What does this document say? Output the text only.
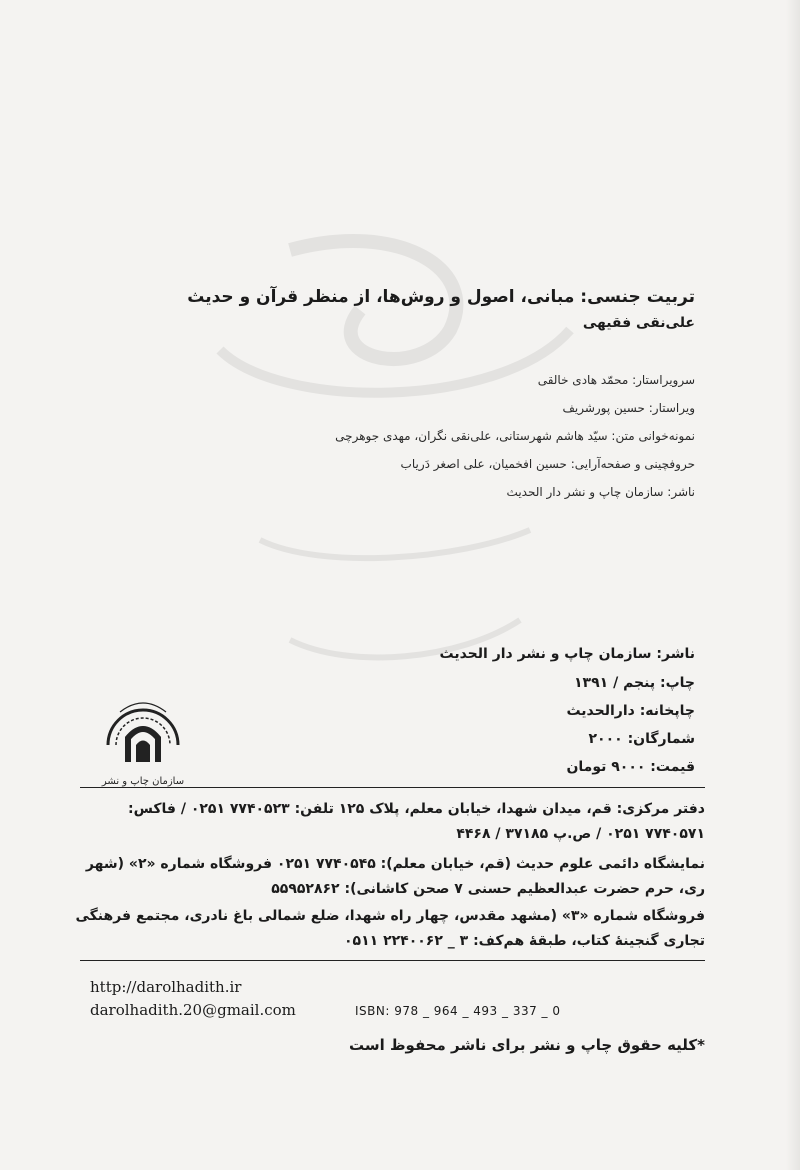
تربیت جنسی: مبانی، اصول و روش‌ها، از منظر قرآن و حدیث
علی‌نقی فقیهی
سرویراستار: محمّد هادی خالقی
ویراستار: حسین پورشریف
نمونه‌خوانی متن: سیّد هاشم شهرستانی، علی‌نقی نگران، مهدی جوهرچی
حروفچینی و صفحه‌آرایی: حسین افخمیان، علی اصغر دَریاب
ناشر: سازمان چاپ و نشر دار الحدیث
ناشر: سازمان چاپ و نشر دار الحدیث
چاپ: پنجم / ۱۳۹۱
چاپخانه: دارالحدیث
شمارگان: ۲۰۰۰
قیمت: ۹۰۰۰ تومان
سازمان چاپ و نشر
دفتر مرکزی: قم، میدان شهدا، خیابان معلم، پلاک ۱۲۵ تلفن: ۷۷۴۰۵۲۳ ۰۲۵۱ / فاکس: ۷۷۴۰۵۷۱ ۰۲۵۱ / ص.پ ۳۷۱۸۵ / ۴۴۶۸
نمایشگاه دائمی علوم حدیث (قم، خیابان معلم): ۷۷۴۰۵۴۵ ۰۲۵۱ فروشگاه شماره «۲» (شهر ری، حرم حضرت عبدالعظیم حسنی ۷ صحن کاشانی): ۵۵۹۵۲۸۶۲
فروشگاه شماره «۳» (مشهد مقدس، چهار راه شهدا، ضلع شمالی باغ نادری، مجتمع فرهنگی تجاری گنجینهٔ کتاب، طبقهٔ هم‌کف: ۳ _ ۲۲۴۰۰۶۲ ۰۵۱۱
http://darolhadith.ir
darolhadith.20@gmail.com	ISBN: 978 _ 964 _ 493 _ 337 _ 0
*کلیه حقوق چاپ و نشر برای ناشر محفوظ است
